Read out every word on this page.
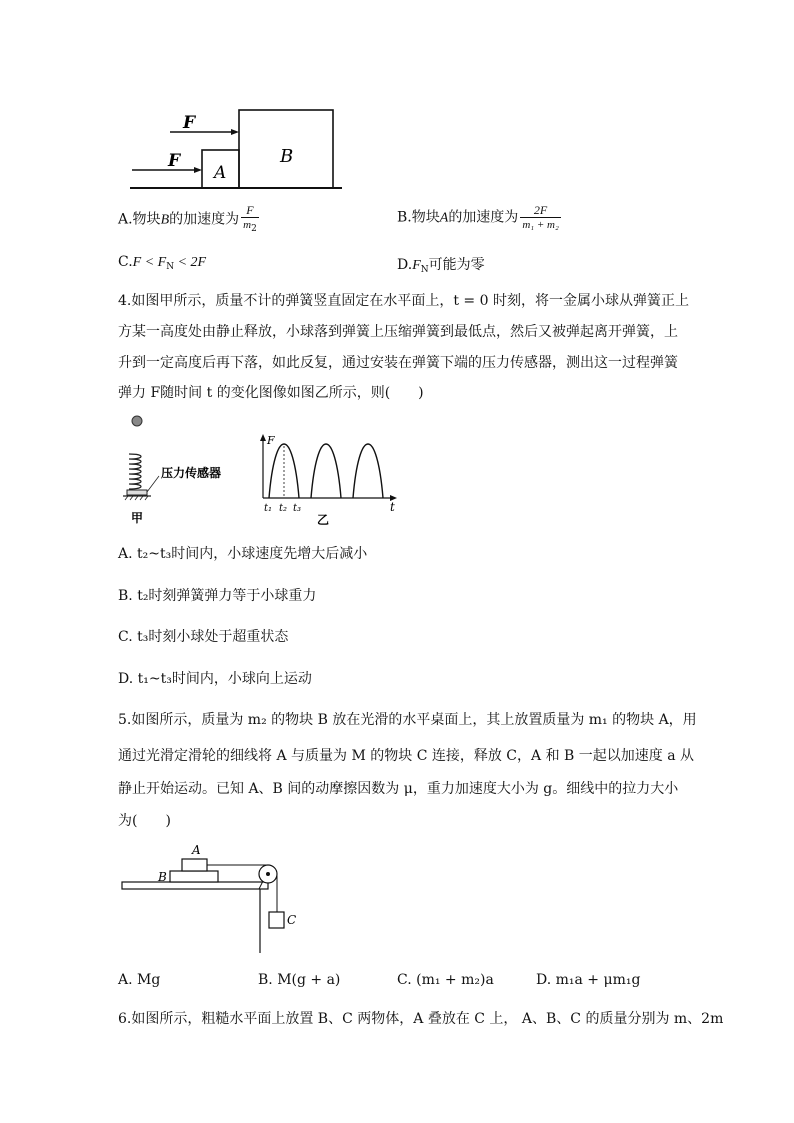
F
F
A
B
A.物块B的加速度为 $\frac{F}{m_2}$	B.物块A的加速度为 $\frac{2F}{\text{m₁ + m₂}}$
$C.F < F_N < 2F$	$D.F_N$可能为零
4.如图甲所示，质量不计的弹簧竖直固定在水平面上，t = 0 时刻，将一金属小球从弹簧正上
方某一高度处由静止释放，小球落到弹簧上压缩弹簧到最低点，然后又被弹起离开弹簧，上
升到一定高度后再下落，如此反复，通过安装在弹簧下端的压力传感器，测出这一过程弹簧
弹力 F随时间 t 的变化图像如图乙所示，则(　　)
压力传感器
甲
F
t
t₁ t₂ t₃
乙
A. t₂~t₃时间内，小球速度先增大后减小
B. t₂时刻弹簧弹力等于小球重力
C. t₃时刻小球处于超重状态
D. t₁~t₃时间内，小球向上运动
5.如图所示，质量为 m₂ 的物块 B 放在光滑的水平桌面上，其上放置质量为 m₁ 的物块 A，用
通过光滑定滑轮的细线将 A 与质量为 M 的物块 C 连接，释放 C，A 和 B 一起以加速度 a 从
静止开始运动。已知 A、B 间的动摩擦因数为 μ，重力加速度大小为 g。细线中的拉力大小
为(　　)
A
B
C
A. Mg	B. M(g + a)	C. (m₁ + m₂)a	D. m₁a + μm₁g
6.如图所示，粗糙水平面上放置 B、C 两物体，A 叠放在 C 上， A、B、C 的质量分别为 m、2m
